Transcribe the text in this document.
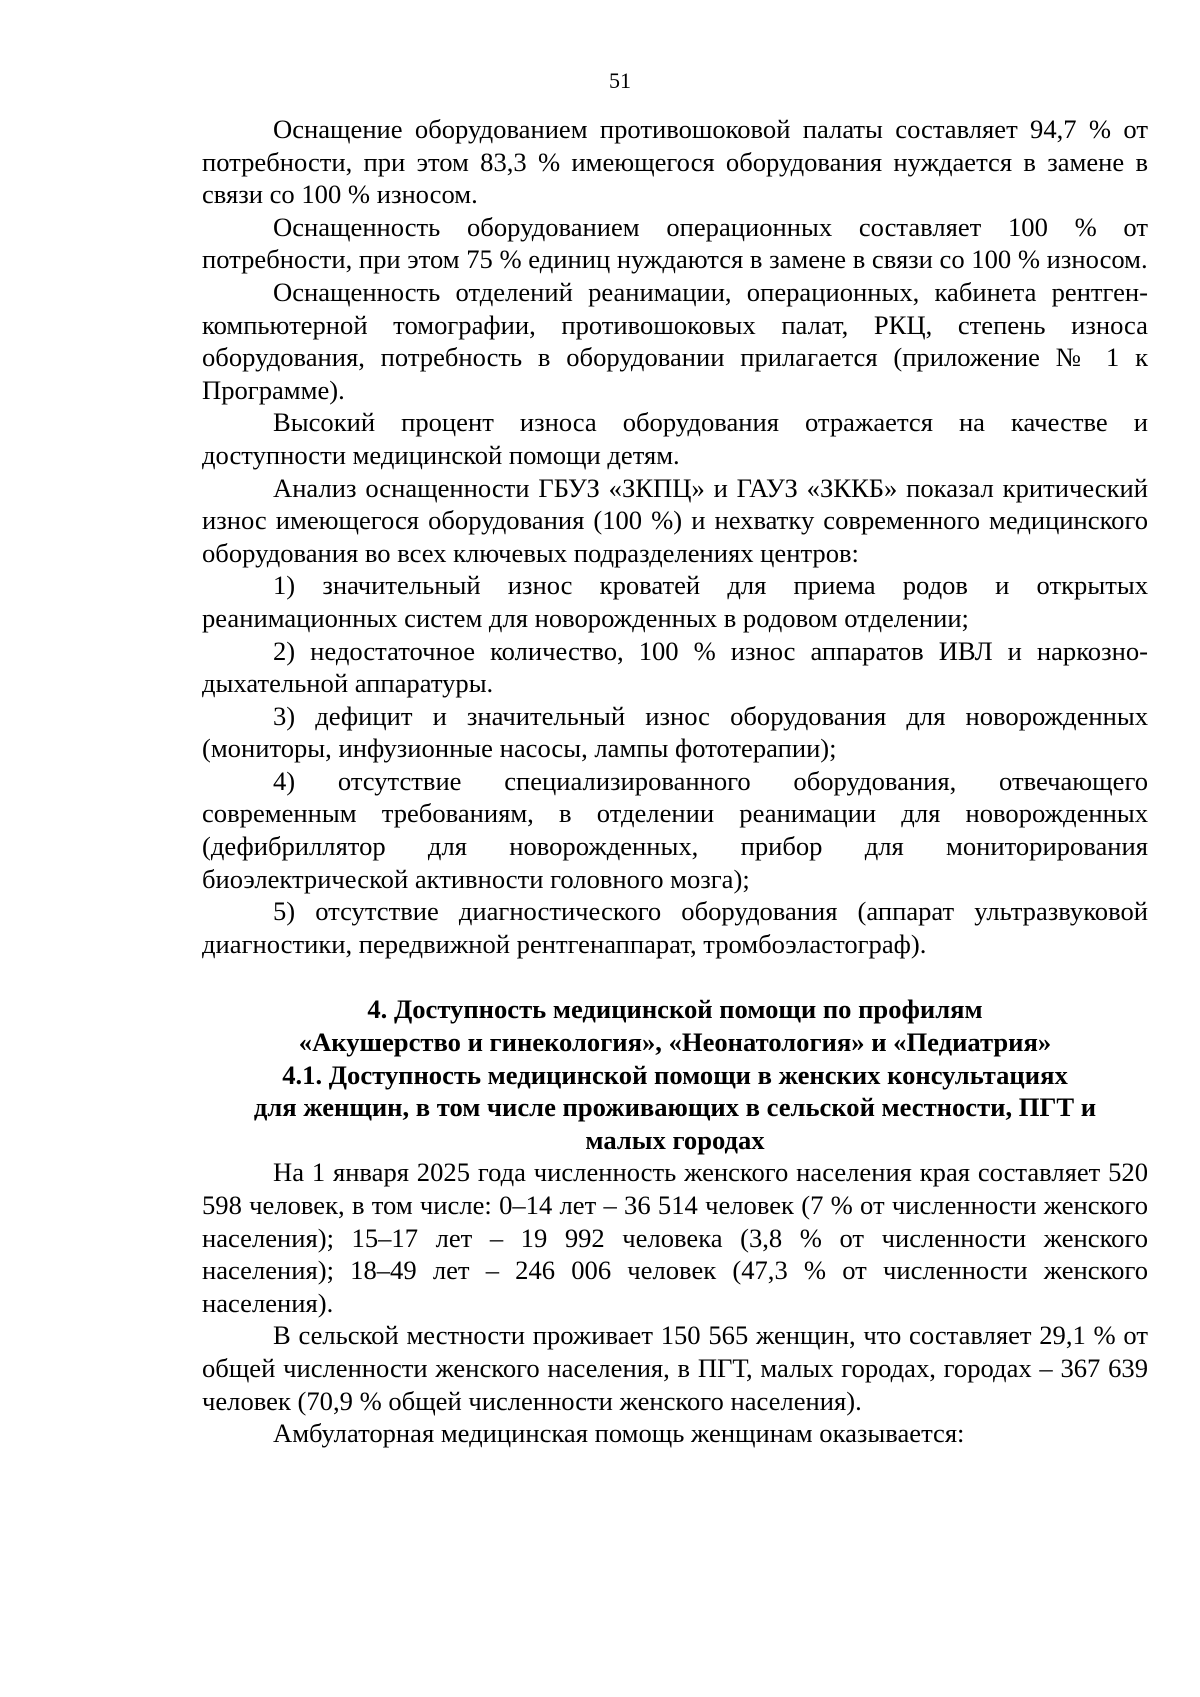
51

Оснащение оборудованием противошоковой палаты составляет 94,7 % от потребности, при этом 83,3 % имеющегося оборудования нуждается в замене в связи со 100 % износом.

Оснащенность оборудованием операционных составляет 100 % от потребности, при этом 75 % единиц нуждаются в замене в связи со 100 % износом.

Оснащенность отделений реанимации, операционных, кабинета рентген-компьютерной томографии, противошоковых палат, РКЦ, степень износа оборудования, потребность в оборудовании прилагается (приложение № 1 к Программе).

Высокий процент износа оборудования отражается на качестве и доступности медицинской помощи детям.

Анализ оснащенности ГБУЗ «ЗКПЦ» и ГАУЗ «ЗККБ» показал критический износ имеющегося оборудования (100 %) и нехватку современного медицинского оборудования во всех ключевых подразделениях центров:

1) значительный износ кроватей для приема родов и открытых реанимационных систем для новорожденных в родовом отделении;

2) недостаточное количество, 100 % износ аппаратов ИВЛ и наркозно-дыхательной аппаратуры.

3) дефицит и значительный износ оборудования для новорожденных (мониторы, инфузионные насосы, лампы фототерапии);

4) отсутствие специализированного оборудования, отвечающего современным требованиям, в отделении реанимации для новорожденных (дефибриллятор для новорожденных, прибор для мониторирования биоэлектрической активности головного мозга);

5) отсутствие диагностического оборудования (аппарат ультразвуковой диагностики, передвижной рентгенаппарат, тромбоэластограф).

4. Доступность медицинской помощи по профилям
«Акушерство и гинекология», «Неонатология» и «Педиатрия»
4.1. Доступность медицинской помощи в женских консультациях
для женщин, в том числе проживающих в сельской местности, ПГТ и
малых городах

На 1 января 2025 года численность женского населения края составляет 520 598 человек, в том числе: 0–14 лет – 36 514 человек (7 % от численности женского населения); 15–17 лет – 19 992 человека (3,8 % от численности женского населения); 18–49 лет – 246 006 человек (47,3 % от численности женского населения).

В сельской местности проживает 150 565 женщин, что составляет 29,1 % от общей численности женского населения, в ПГТ, малых городах, городах – 367 639 человек (70,9 % общей численности женского населения).

Амбулаторная медицинская помощь женщинам оказывается:
